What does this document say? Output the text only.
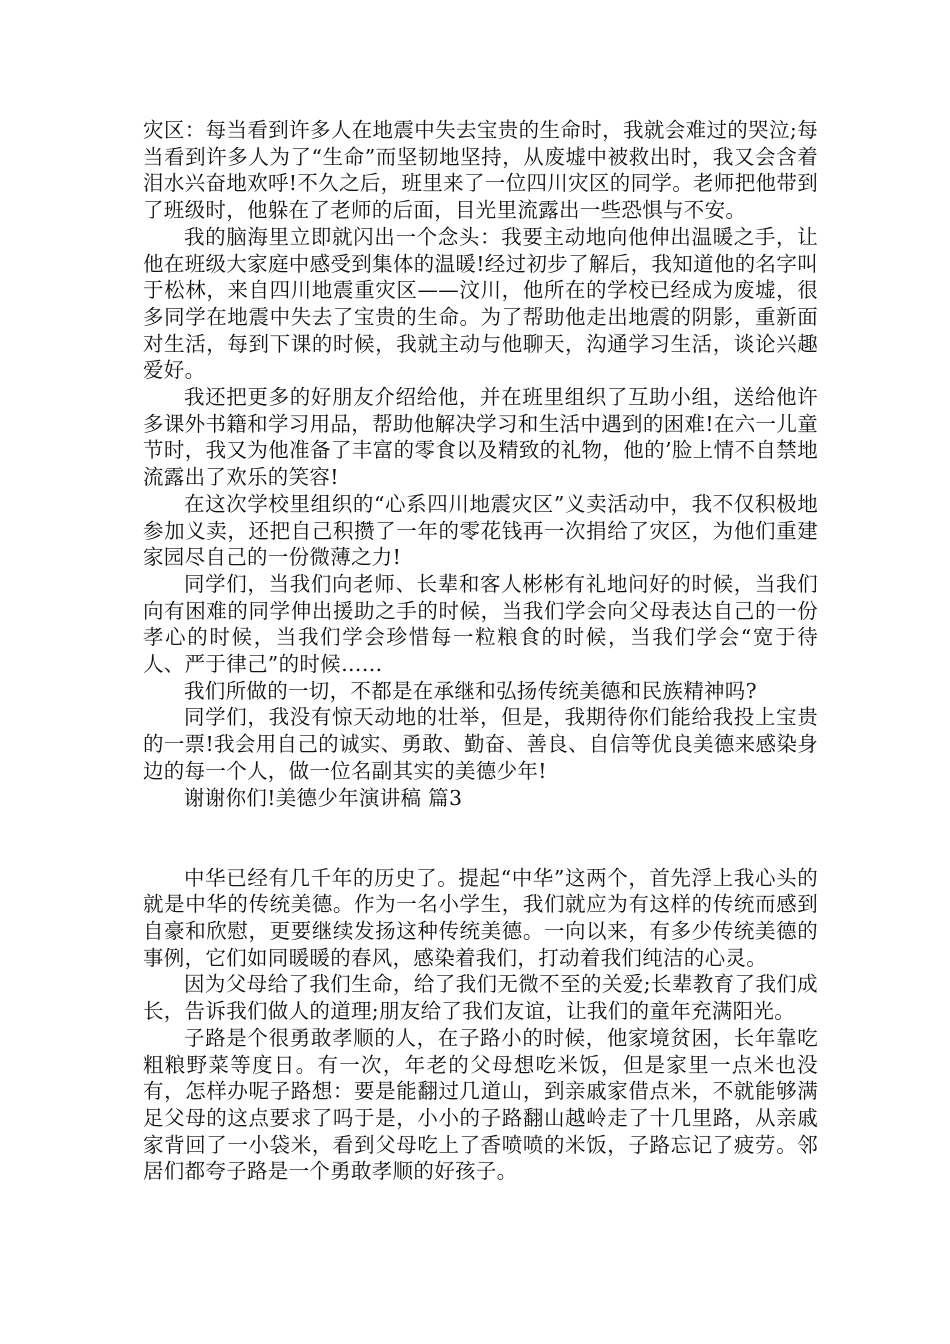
灾区：每当看到许多人在地震中失去宝贵的生命时，我就会难过的哭泣;每当看到许多人为了“生命”而坚韧地坚持，从废墟中被救出时，我又会含着泪水兴奋地欢呼!不久之后，班里来了一位四川灾区的同学。老师把他带到了班级时，他躲在了老师的后面，目光里流露出一些恐惧与不安。

我的脑海里立即就闪出一个念头：我要主动地向他伸出温暖之手，让他在班级大家庭中感受到集体的温暖!经过初步了解后，我知道他的名字叫于松林，来自四川地震重灾区——汶川，他所在的学校已经成为废墟，很多同学在地震中失去了宝贵的生命。为了帮助他走出地震的阴影，重新面对生活，每到下课的时候，我就主动与他聊天，沟通学习生活，谈论兴趣爱好。

我还把更多的好朋友介绍给他，并在班里组织了互助小组，送给他许多课外书籍和学习用品，帮助他解决学习和生活中遇到的困难!在六一儿童节时，我又为他准备了丰富的零食以及精致的礼物，他的’脸上情不自禁地流露出了欢乐的笑容!

在这次学校里组织的“心系四川地震灾区”义卖活动中，我不仅积极地参加义卖，还把自己积攒了一年的零花钱再一次捐给了灾区，为他们重建家园尽自己的一份微薄之力!

同学们，当我们向老师、长辈和客人彬彬有礼地问好的时候，当我们向有困难的同学伸出援助之手的时候，当我们学会向父母表达自己的一份孝心的时候，当我们学会珍惜每一粒粮食的时候，当我们学会“宽于待人、严于律己”的时候……

我们所做的一切，不都是在承继和弘扬传统美德和民族精神吗?

同学们，我没有惊天动地的壮举，但是，我期待你们能给我投上宝贵的一票!我会用自己的诚实、勇敢、勤奋、善良、自信等优良美德来感染身边的每一个人，做一位名副其实的美德少年!

谢谢你们!美德少年演讲稿 篇3

中华已经有几千年的历史了。提起“中华”这两个，首先浮上我心头的就是中华的传统美德。作为一名小学生，我们就应为有这样的传统而感到自豪和欣慰，更要继续发扬这种传统美德。一向以来，有多少传统美德的事例，它们如同暖暖的春风，感染着我们，打动着我们纯洁的心灵。

因为父母给了我们生命，给了我们无微不至的关爱;长辈教育了我们成长，告诉我们做人的道理;朋友给了我们友谊，让我们的童年充满阳光。

子路是个很勇敢孝顺的人，在子路小的时候，他家境贫困，长年靠吃粗粮野菜等度日。有一次，年老的父母想吃米饭，但是家里一点米也没有，怎样办呢子路想：要是能翻过几道山，到亲戚家借点米，不就能够满足父母的这点要求了吗于是，小小的子路翻山越岭走了十几里路，从亲戚家背回了一小袋米，看到父母吃上了香喷喷的米饭，子路忘记了疲劳。邻居们都夸子路是一个勇敢孝顺的好孩子。
